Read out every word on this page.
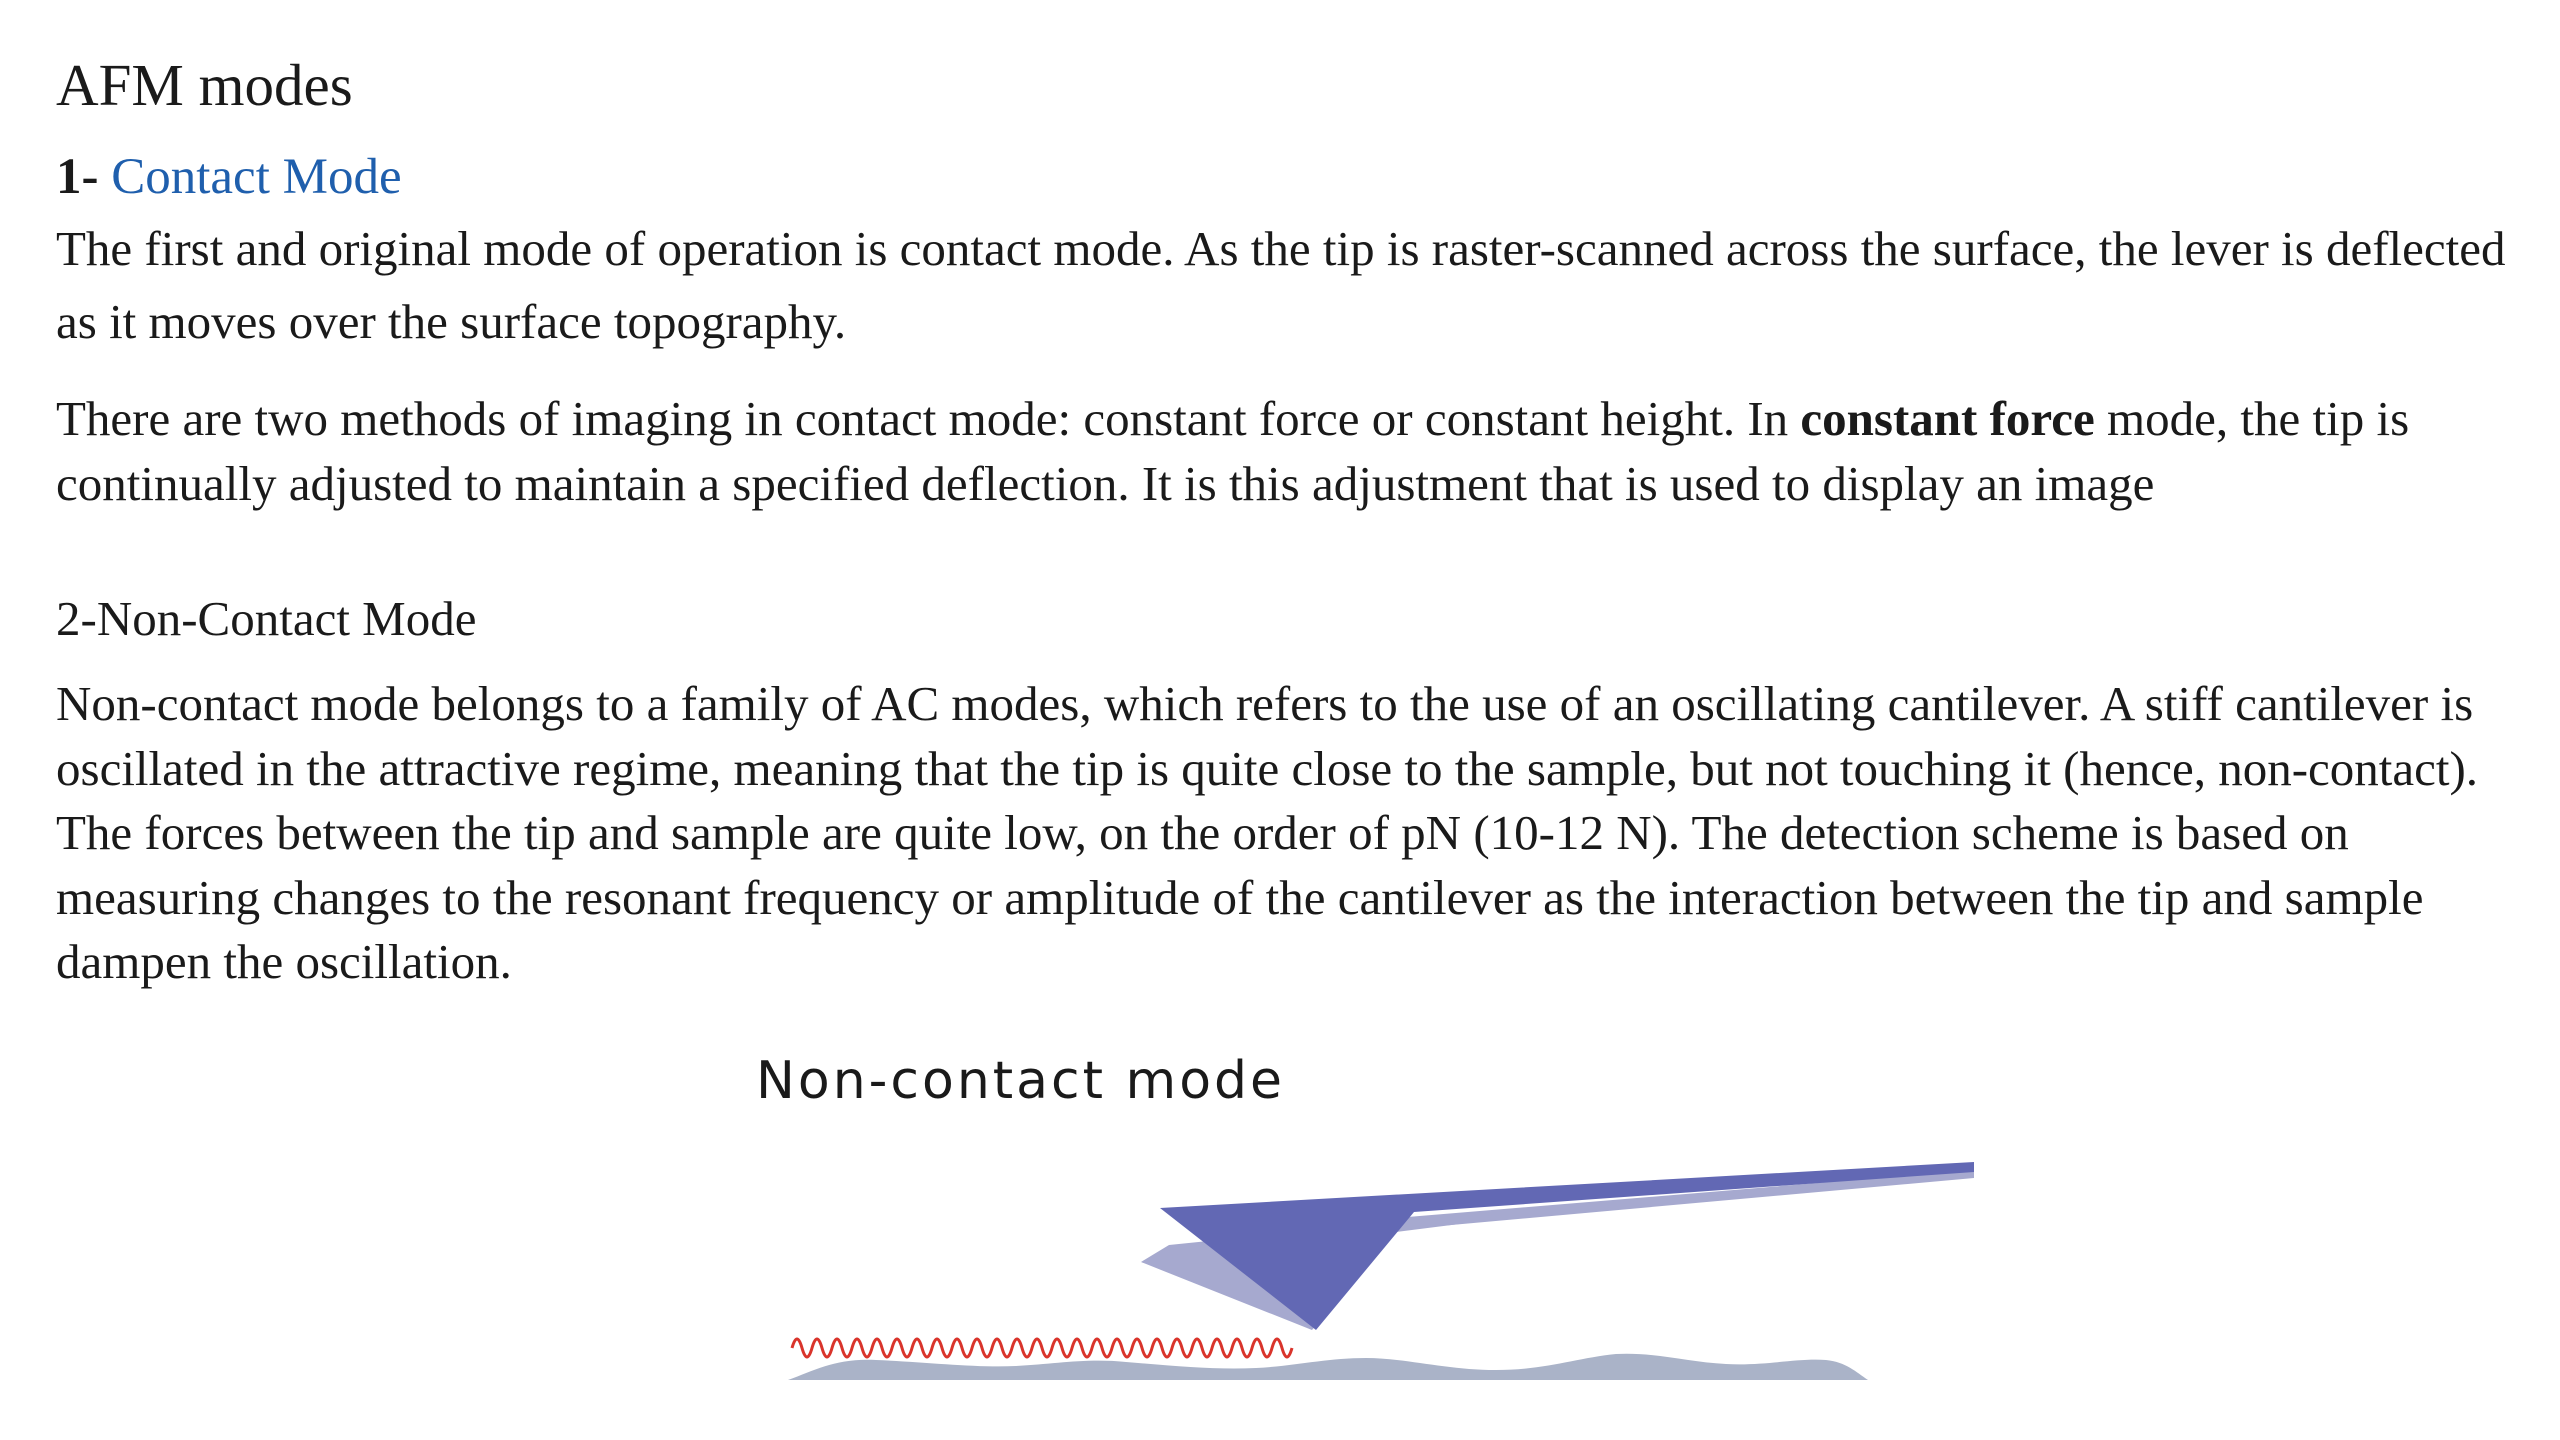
AFM modes
1- Contact Mode

The first and original mode of operation is contact mode. As the tip is raster-scanned across the surface, the lever is deflected as it moves over the surface topography.

There are two methods of imaging in contact mode: constant force or constant height. In constant force mode, the tip is continually adjusted to maintain a specified deflection. It is this adjustment that is used to display an image

2-Non-Contact Mode

Non-contact mode belongs to a family of AC modes, which refers to the use of an oscillating cantilever. A stiff cantilever is oscillated in the attractive regime, meaning that the tip is quite close to the sample, but not touching it (hence, non-contact). The forces between the tip and sample are quite low, on the order of pN (10-12 N). The detection scheme is based on measuring changes to the resonant frequency or amplitude of the cantilever as the interaction between the tip and sample dampen the oscillation.

Non-contact mode
